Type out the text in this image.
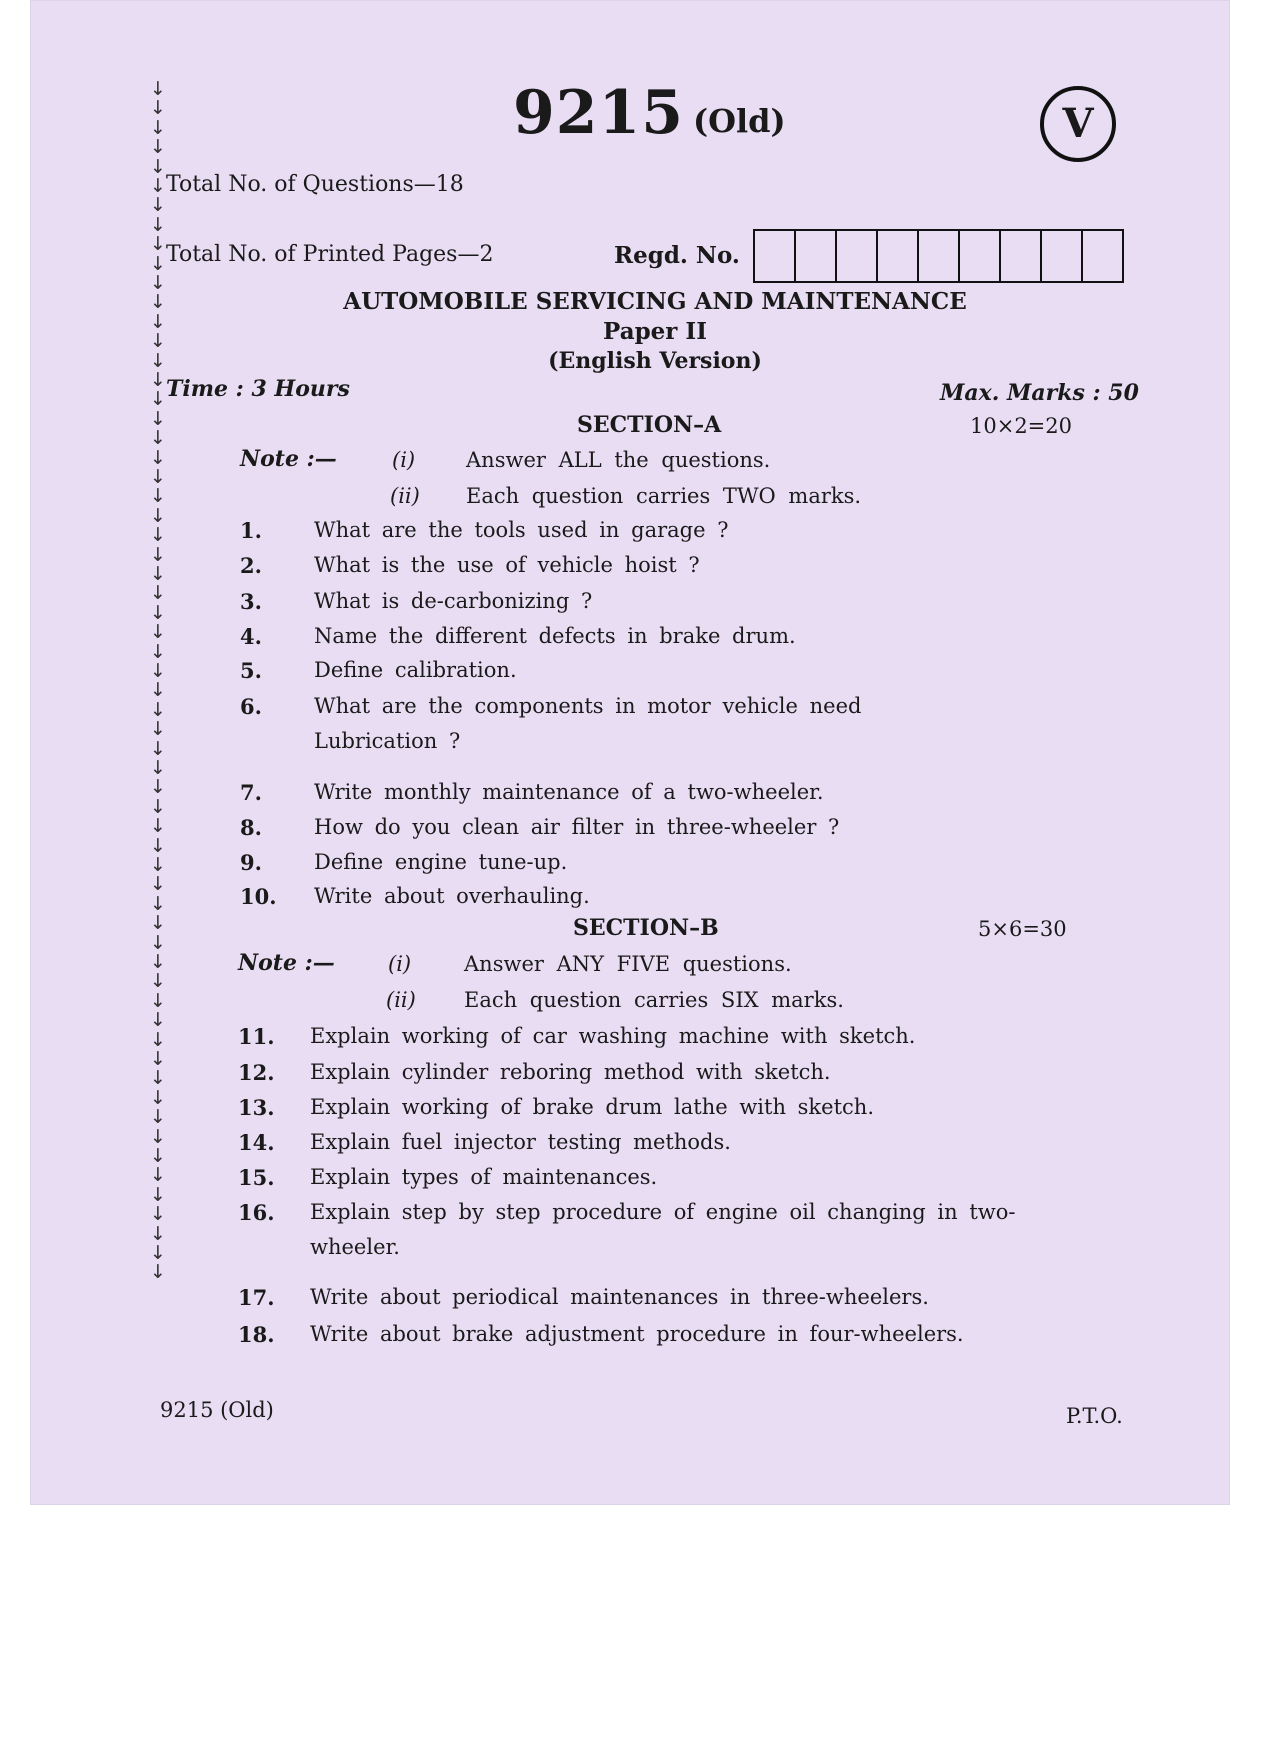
↓
↓
↓
↓
↓
↓
↓
↓
↓
↓
↓
↓
↓
↓
↓
↓
↓
↓
↓
↓
↓
↓
↓
↓
↓
↓
↓
↓
↓
↓
↓
↓
↓
↓
↓
↓
↓
↓
↓
↓
↓
↓
↓
↓
↓
↓
↓
↓
↓
↓
↓
↓
↓
↓
↓
↓
↓
↓
↓
↓
↓
↓
9215 (Old)	V
Total No. of Questions—18
Total No. of Printed Pages—2	Regd. No.
AUTOMOBILE SERVICING AND MAINTENANCE
Paper II
(English Version)
Time : 3 Hours	Max. Marks : 50
SECTION–A	10×2=20
Note :—	(i) Answer ALL the questions.
(ii) Each question carries TWO marks.
1. What are the tools used in garage ?
2. What is the use of vehicle hoist ?
3. What is de-carbonizing ?
4. Name the different defects in brake drum.
5. Define calibration.
6. What are the components in motor vehicle need
Lubrication ?
7. Write monthly maintenance of a two-wheeler.
8. How do you clean air filter in three-wheeler ?
9. Define engine tune-up.
10. Write about overhauling.
SECTION–B	5×6=30
Note :—	(i)	Answer ANY FIVE questions.
(ii) Each question carries SIX marks.
11. Explain working of car washing machine with sketch.
12. Explain cylinder reboring method with sketch.
13. Explain working of brake drum lathe with sketch.
14. Explain fuel injector testing methods.
15. Explain types of maintenances.
16. Explain step by step procedure of engine oil changing in two-
wheeler.
17. Write about periodical maintenances in three-wheelers.
18. Write about brake adjustment procedure in four-wheelers.
9215 (Old)	P.T.O.
